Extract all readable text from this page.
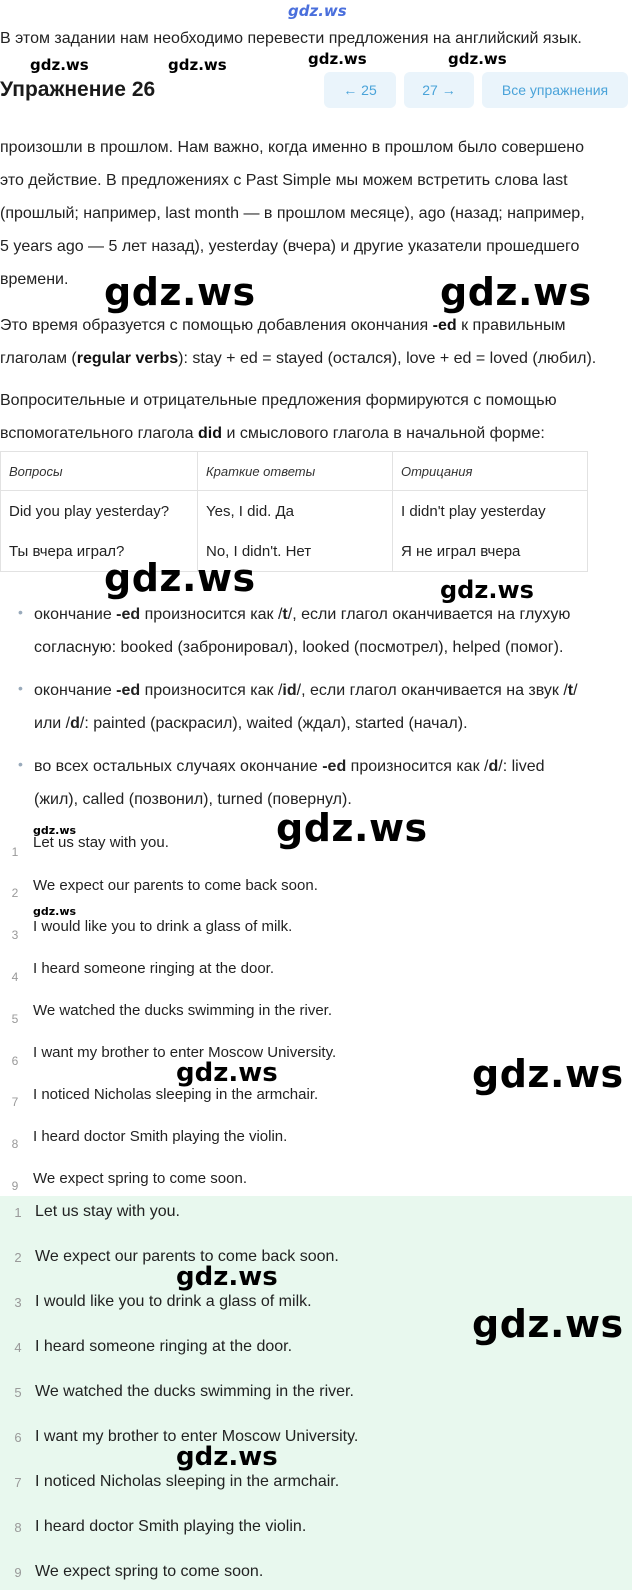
gdz.ws
В этом задании нам необходимо перевести предложения на английский язык.
gdz.ws	gdz.ws	gdz.ws	gdz.ws
Упражнение 26	← 25	27 →	Все упражнения
произошли в прошлом. Нам важно, когда именно в прошлом было совершено
это действие. В предложениях с Past Simple мы можем встретить слова last
(прошлый; например, last month — в прошлом месяце), ago (назад; например,
5 years ago — 5 лет назад), yesterday (вчера) и другие указатели прошедшего
времени. gdz.ws	gdz.ws
Это время образуется с помощью добавления окончания -ed к правильным
глаголам (regular verbs): stay + ed = stayed (остался), love + ed = loved (любил).
Вопросительные и отрицательные предложения формируются с помощью
вспомогательного глагола did и смыслового глагола в начальной форме:
Вопросы	Краткие ответы	Отрицания
Did you play yesterday?	Yes, I did. Да	I didn't play yesterday
Ты вчера играл?	No, I didn't. Нет	Я не играл вчера
gdz.ws	gdz.ws
• окончание -ed произносится как /t/, если глагол оканчивается на глухую
согласную: booked (забронировал), looked (посмотрел), helped (помог).
• окончание -ed произносится как /id/, если глагол оканчивается на звук /t/
или /d/: painted (раскрасил), waited (ждал), started (начал).
• во всех остальных случаях окончание -ed произносится как /d/: lived
(жил), called (позвонил), turned (повернул).
gdz.ws	gdz.ws
1
Let us stay with you.
2 We expect our parents to come back soon.
gdz.ws
3 I would like you to drink a glass of milk.
4 I heard someone ringing at the door.
5 We watched the ducks swimming in the river.
6 I want my brother to enter Moscow University.
gdz.ws	gdz.ws
7 I noticed Nicholas sleeping in the armchair.
8 I heard doctor Smith playing the violin.
9 We expect spring to come soon.
1 Let us stay with you.
2 We expect our parents to come back soon.
gdz.ws
3 I would like you to drink a glass of milk.
gdz.ws
4 I heard someone ringing at the door.
5 We watched the ducks swimming in the river.
6 I want my brother to enter Moscow University.
gdz.ws
7 I noticed Nicholas sleeping in the armchair.
8 I heard doctor Smith playing the violin.
9 We expect spring to come soon.
